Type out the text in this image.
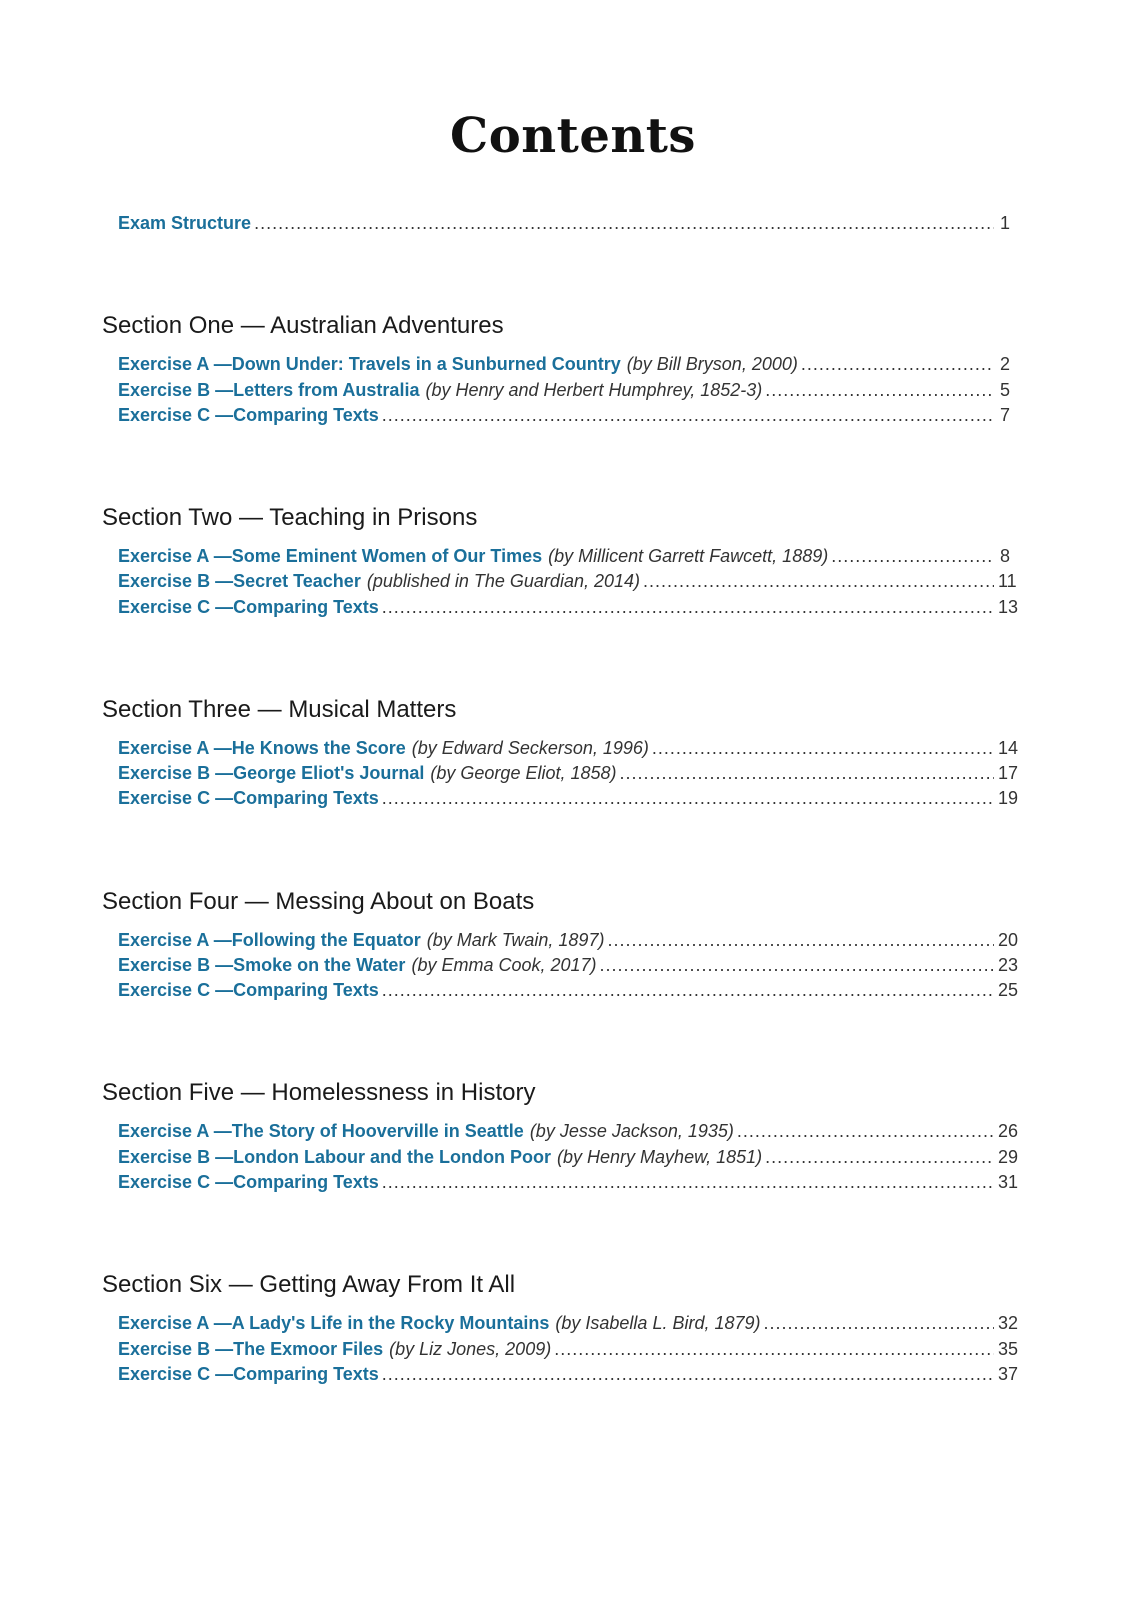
Contents
Exam Structure .....	1
Section One — Australian Adventures
Exercise A — Down Under: Travels in a Sunburned Country (by Bill Bryson, 2000) .....	2
Exercise B — Letters from Australia (by Henry and Herbert Humphrey, 1852-3) .....	5
Exercise C — Comparing Texts .....	7
Section Two — Teaching in Prisons
Exercise A — Some Eminent Women of Our Times (by Millicent Garrett Fawcett, 1889) .....	8
Exercise B — Secret Teacher (published in The Guardian, 2014) .....	11
Exercise C — Comparing Texts .....	13
Section Three — Musical Matters
Exercise A — He Knows the Score (by Edward Seckerson, 1996) .....	14
Exercise B — George Eliot's Journal (by George Eliot, 1858) .....	17
Exercise C — Comparing Texts .....	19
Section Four — Messing About on Boats
Exercise A — Following the Equator (by Mark Twain, 1897) .....	20
Exercise B — Smoke on the Water (by Emma Cook, 2017) .....	23
Exercise C — Comparing Texts .....	25
Section Five — Homelessness in History
Exercise A — The Story of Hooverville in Seattle (by Jesse Jackson, 1935) .....	26
Exercise B — London Labour and the London Poor (by Henry Mayhew, 1851) .....	29
Exercise C — Comparing Texts .....	31
Section Six — Getting Away From It All
Exercise A — A Lady's Life in the Rocky Mountains (by Isabella L. Bird, 1879) .....	32
Exercise B — The Exmoor Files (by Liz Jones, 2009) .....	35
Exercise C — Comparing Texts .....	37
